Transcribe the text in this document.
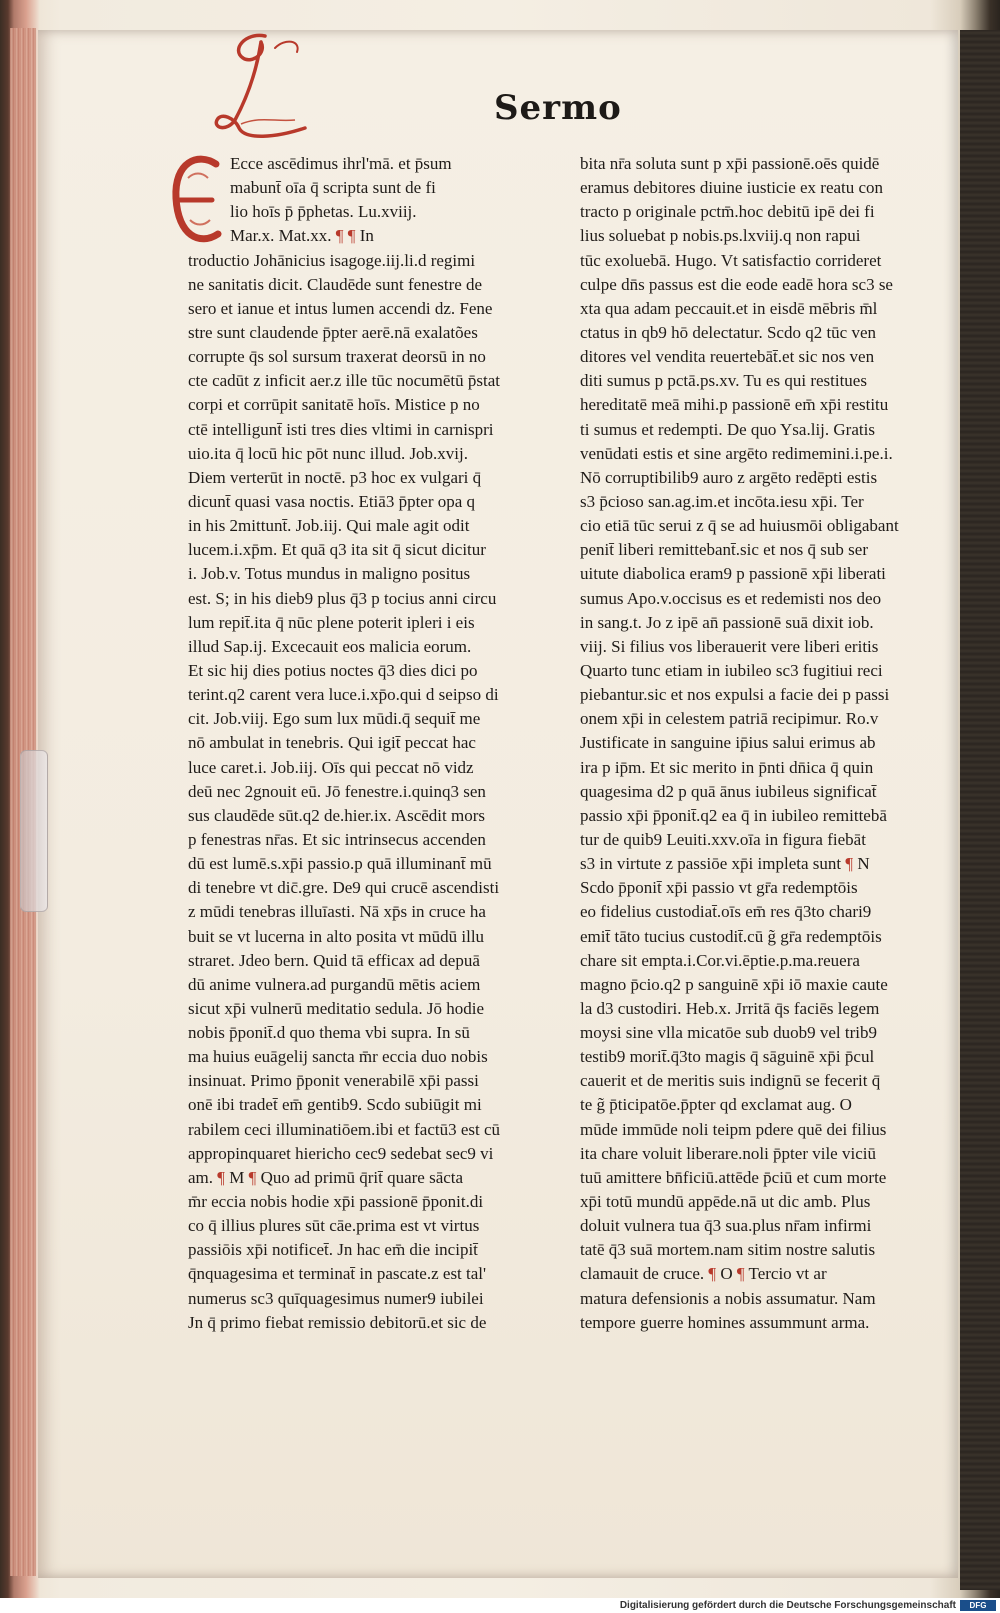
Sermo
Ecce ascēdimus ihrl'mā. et p̄sum
mabunt̄ oīa q̄ scripta sunt de fi
lio hoīs p̄ p̄phetas. Lu.xviij.
Mar.x. Mat.xx. ¶ ¶ In
troductio Johānicius isagoge.iij.li.d regimi
ne sanitatis dicit. Claudēde sunt fenestre de
sero et ianue et intus lumen accendi dz. Fene
stre sunt claudende p̄pter aerē.nā exalatões
corrupte q̄s sol sursum traxerat deorsū in no
cte cadūt z inficit aer.z ille tūc nocumētū p̄stat
corpi et corrūpit sanitatē hoīs. Mistice p no
ctē intelligunt̄ isti tres dies vltimi in carnispri
uio.ita q̄ locū hic pōt nunc illud. Job.xvij.
Diem verterūt in noctē. p3 hoc ex vulgari q̄
dicunt̄ quasi vasa noctis. Etiā3 p̄pter opa q
in his 2mittunt̄. Job.iij. Qui male agit odit
lucem.i.xp̄m. Et quā q3 ita sit q̄ sicut dicitur
i. Job.v. Totus mundus in maligno positus
est. S; in his dieb9 plus q̄3 p tocius anni circu
lum repit̄.ita q̄ nūc plene poterit ipleri i eis
illud Sap.ij. Excecauit eos malicia eorum.
Et sic hij dies potius noctes q̄3 dies dici po
terint.q2 carent vera luce.i.xp̄o.qui d seipso di
cit. Job.viij. Ego sum lux mūdi.q̄ sequit̄ me
nō ambulat in tenebris. Qui igit̄ peccat hac
luce caret.i. Job.iij. Oīs qui peccat nō vidz
deū nec 2gnouit eū. Jō fenestre.i.quinq3 sen
sus claudēde sūt.q2 de.hier.ix. Ascēdit mors
p fenestras nr̄as. Et sic intrinsecus accenden
dū est lumē.s.xp̄i passio.p quā illuminant̄ mū
di tenebre vt dic̄.gre. De9 qui crucē ascendisti
z mūdi tenebras illuīasti. Nā xp̄s in cruce ha
buit se vt lucerna in alto posita vt mūdū illu
straret. Jdeo bern. Quid tā efficax ad depuā
dū anime vulnera.ad purgandū mētis aciem
sicut xp̄i vulnerū meditatio sedula. Jō hodie
nobis p̄ponit̄.d quo thema vbi supra. In sū
ma huius euāgelij sancta m̄r eccia duo nobis
insinuat. Primo p̄ponit venerabilē xp̄i passi
onē ibi tradet̄ em̄ gentib9. Scdo subiūgit mi
rabilem ceci illuminatiōem.ibi et factū3 est cū
appropinquaret hiericho cec9 sedebat sec9 vi
am. ¶ M ¶ Quo ad primū q̄rit̄ quare sācta
m̄r eccia nobis hodie xp̄i passionē p̄ponit.di
co q̄ illius plures sūt cāe.prima est vt virtus
passiōis xp̄i notificet̄. Jn hac em̄ die incipit̄
q̄nquagesima et terminat̄ in pascate.z est tal'
numerus sc3 quīquagesimus numer9 iubilei
Jn q̄ primo fiebat remissio debitorū.et sic de
bita nr̄a soluta sunt p xp̄i passionē.oēs quidē
eramus debitores diuine iusticie ex reatu con
tracto p originale pctm̄.hoc debitū ipē dei fi
lius soluebat p nobis.ps.lxviij.q non rapui
tūc exoluebā. Hugo. Vt satisfactio corrideret
culpe dn̄s passus est die eode eadē hora sc3 se
xta qua adam peccauit.et in eisdē mēbris m̄l
ctatus in qb9 hō delectatur. Scdo q2 tūc ven
ditores vel vendita reuertebāt̄.et sic nos ven
diti sumus p pctā.ps.xv. Tu es qui restitues
hereditatē meā mihi.p passionē em̄ xp̄i restitu
ti sumus et redempti. De quo Ysa.lij. Gratis
venūdati estis et sine argēto redimemini.i.pe.i.
Nō corruptibilib9 auro z argēto redēpti estis
s3 p̄cioso san.ag.im.et incōta.iesu xp̄i. Ter
cio etiā tūc serui z q̄ se ad huiusmōi obligabant
penit̄ liberi remittebant̄.sic et nos q̄ sub ser
uitute diabolica eram9 p passionē xp̄i liberati
sumus Apo.v.occisus es et redemisti nos deo
in sang.t. Jo z ipē an̄ passionē suā dixit iob.
viij. Si filius vos liberauerit vere liberi eritis
Quarto tunc etiam in iubileo sc3 fugitiui reci
piebantur.sic et nos expulsi a facie dei p passi
onem xp̄i in celestem patriā recipimur. Ro.v
Justificate in sanguine ip̄ius salui erimus ab
ira p ip̄m. Et sic merito in p̄nti dn̄ica q̄ quin
quagesima d2 p quā ānus iubileus significat̄
passio xp̄i p̄ponit̄.q2 ea q̄ in iubileo remittebā
tur de quib9 Leuiti.xxv.oīa in figura fiebāt
s3 in virtute z passiōe xp̄i impleta sunt ¶ N
Scdo p̄ponit̄ xp̄i passio vt gr̄a redemptōis
eo fidelius custodiat̄.oīs em̄ res q̄3to chari9
emit̄ tāto tucius custodit̄.cū g̃ gr̄a redemptōis
chare sit empta.i.Cor.vi.ēptie.p.ma.reuera
magno p̄cio.q2 p sanguinē xp̄i iō maxie caute
la d3 custodiri. Heb.x. Jrritā q̄s faciēs legem
moysi sine vlla miсatōe sub duob9 vel trib9
testib9 morit̄.q̄3to magis q̄ sāguinē xp̄i p̄cul
cauerit et de meritis suis indignū se fecerit q̄
te g̃ p̄ticipatōe.p̄pter qd exclamat aug. O
mūde immūde noli teipm pdere quē dei filius
ita chare voluit liberare.noli p̄pter vile viciū
tuū amittere bn̄ficiū.attēde p̄ciū et cum morte
xp̄i totū mundū appēde.nā ut dic amb. Plus
doluit vulnera tua q̄3 sua.plus nr̄am infirmi
tatē q̄3 suā mortem.nam sitim nostre salutis
clamauit de cruce. ¶ O ¶ Tercio vt ar
matura defensionis a nobis assumatur. Nam
tempore guerre homines assummunt arma.
Digitalisierung gefördert durch die Deutsche Forschungsgemeinschaft	DFG
